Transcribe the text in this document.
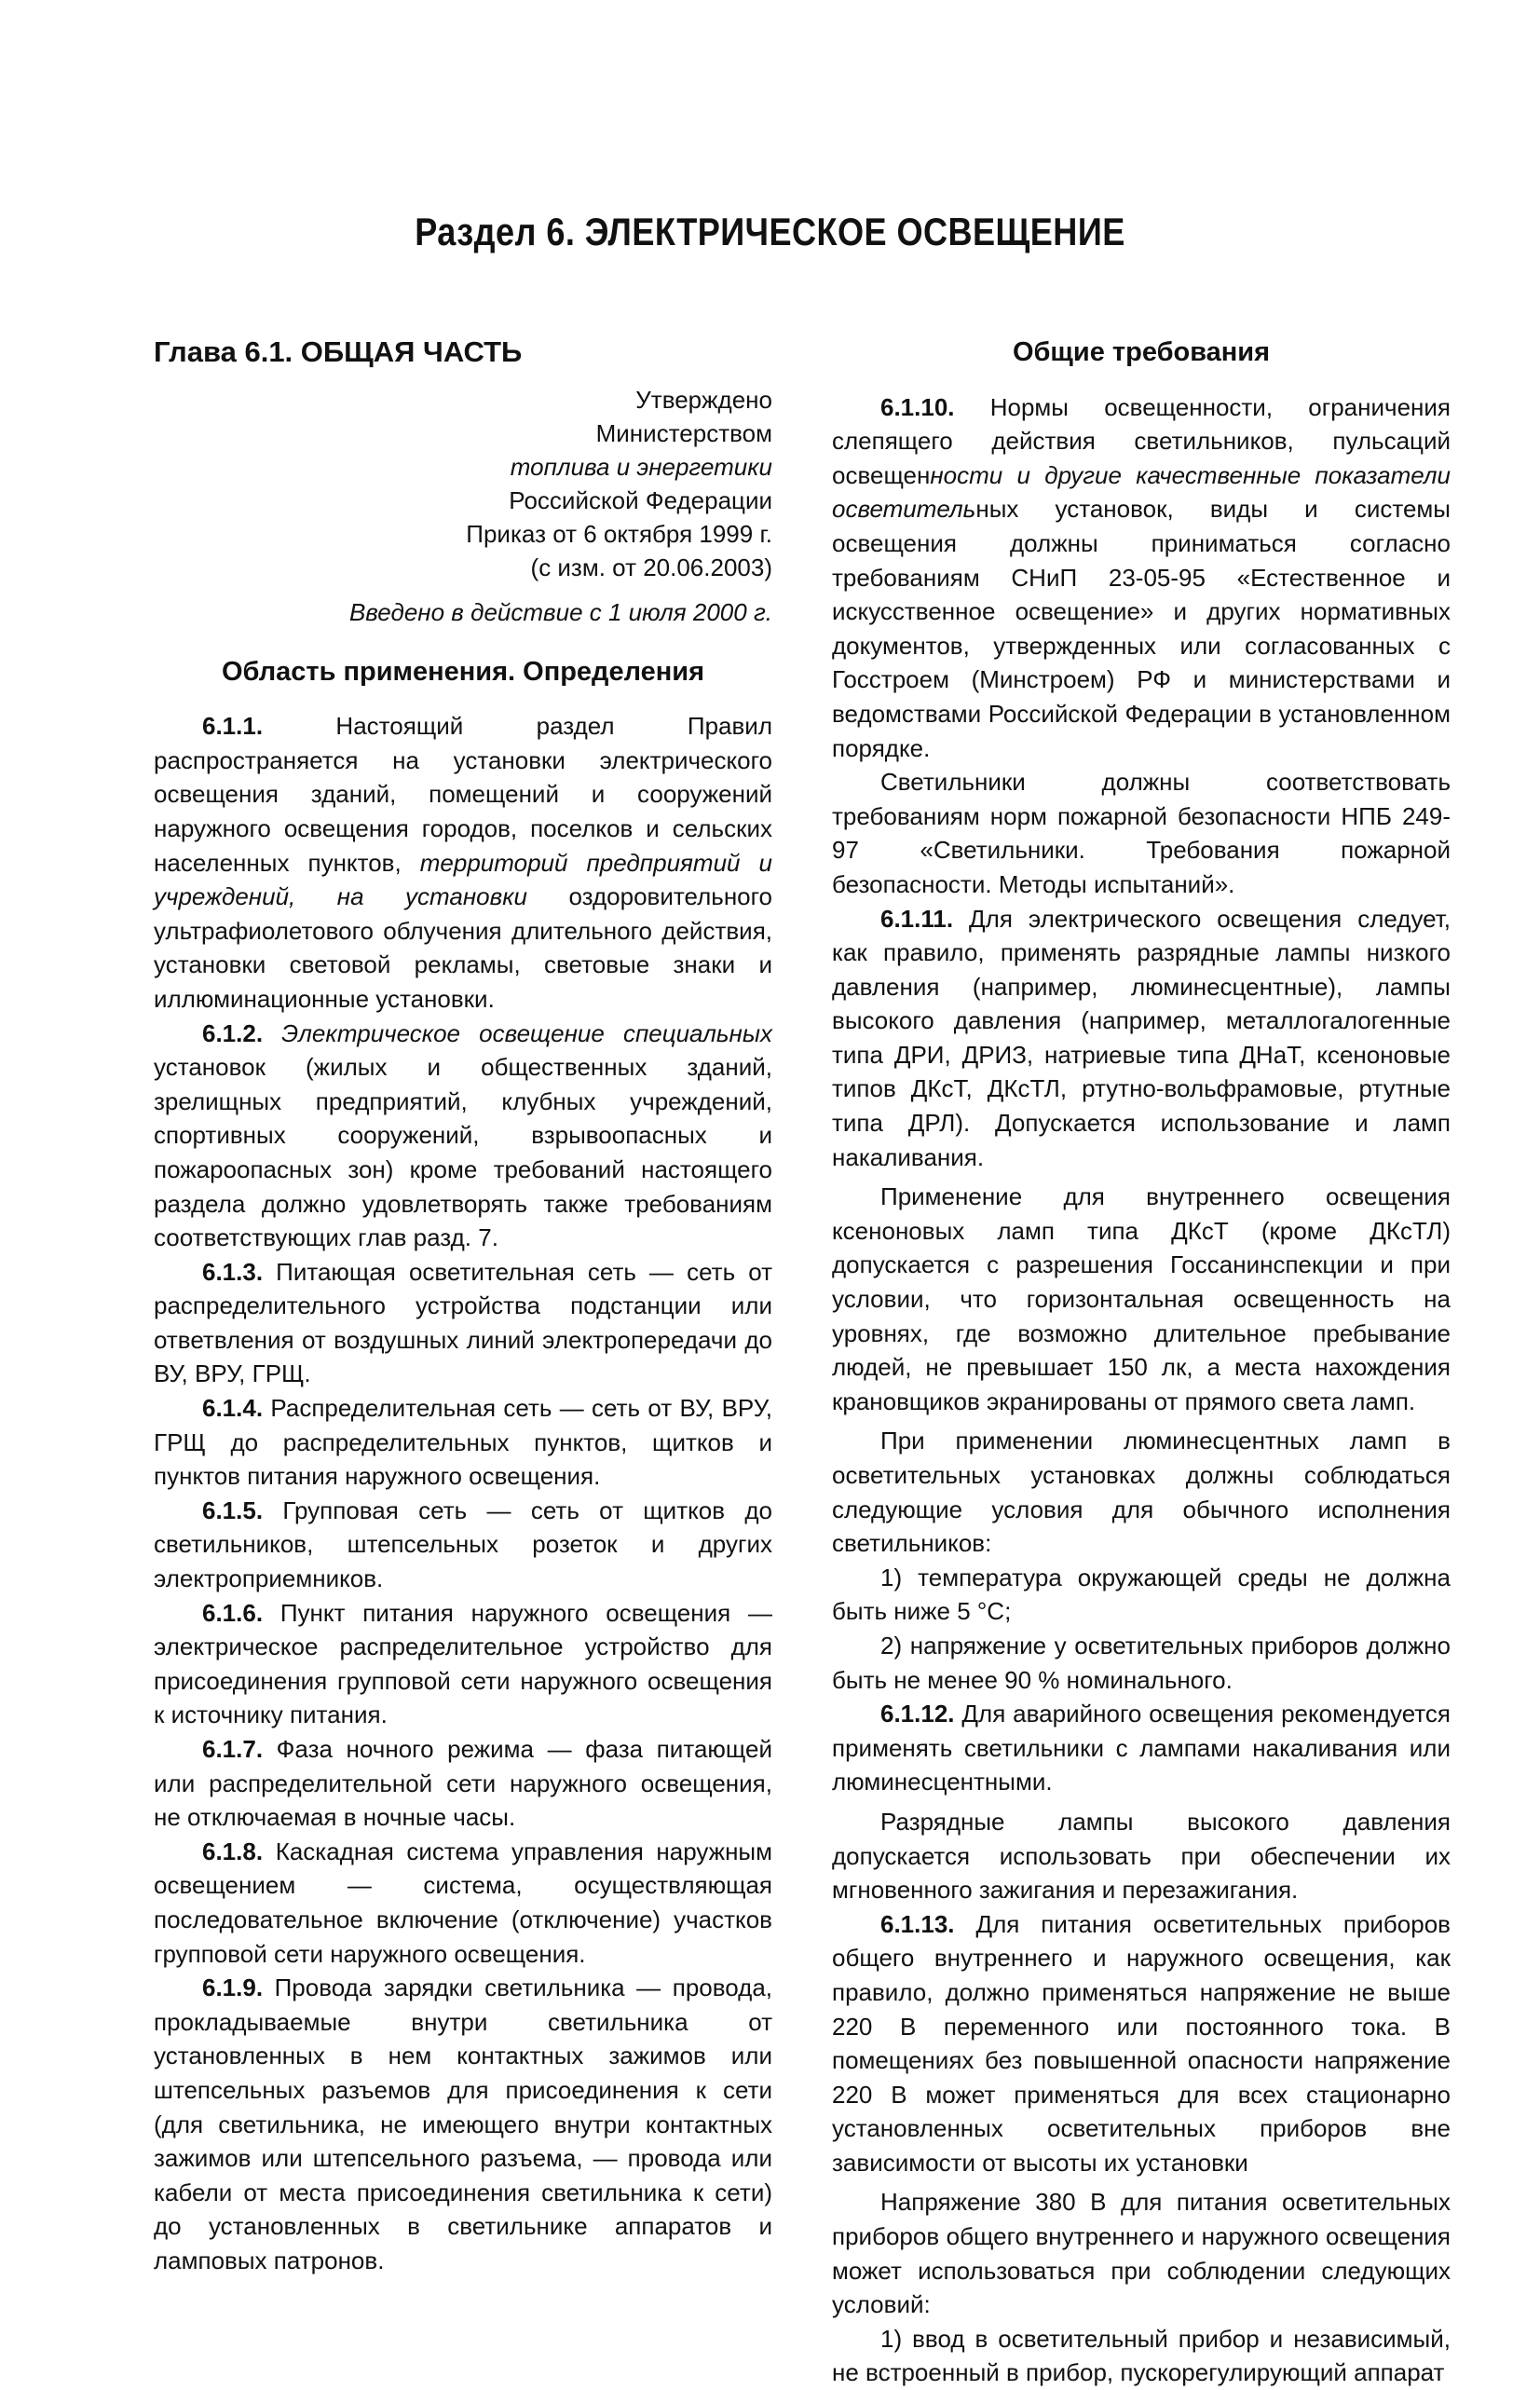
Раздел 6. ЭЛЕКТРИЧЕСКОЕ ОСВЕЩЕНИЕ
Глава 6.1. ОБЩАЯ ЧАСТЬ
Утверждено
Министерством
топлива и энергетики
Российской Федерации
Приказ от 6 октября 1999 г.
(с изм. от 20.06.2003)
Введено в действие с 1 июля 2000 г.
Область применения. Определения

6.1.1. Настоящий раздел Правил распространяется на установки электрического освещения зданий, помещений и сооружений наружного освещения городов, поселков и сельских населенных пунктов, территорий предприятий и учреждений, на установки оздоровительного ультрафиолетового облучения длительного действия, установки световой рекламы, световые знаки и иллюминационные установки.

6.1.2. Электрическое освещение специальных установок (жилых и общественных зданий, зрелищных предприятий, клубных учреждений, спортивных сооружений, взрывоопасных и пожароопасных зон) кроме требований настоящего раздела должно удовлетворять также требованиям соответствующих глав разд. 7.

6.1.3. Питающая осветительная сеть — сеть от распределительного устройства подстанции или ответвления от воздушных линий электропередачи до ВУ, ВРУ, ГРЩ.

6.1.4. Распределительная сеть — сеть от ВУ, ВРУ, ГРЩ до распределительных пунктов, щитков и пунктов питания наружного освещения.

6.1.5. Групповая сеть — сеть от щитков до светильников, штепсельных розеток и других электроприемников.

6.1.6. Пункт питания наружного освещения — электрическое распределительное устройство для присоединения групповой сети наружного освещения к источнику питания.

6.1.7. Фаза ночного режима — фаза питающей или распределительной сети наружного освещения, не отключаемая в ночные часы.

6.1.8. Каскадная система управления наружным освещением — система, осуществляющая последовательное включение (отключение) участков групповой сети наружного освещения.

6.1.9. Провода зарядки светильника — провода, прокладываемые внутри светильника от установленных в нем контактных зажимов или штепсельных разъемов для присоединения к сети (для светильника, не имеющего внутри контактных зажимов или штепсельного разъема, — провода или кабели от места присоединения светильника к сети) до установленных в светильнике аппаратов и ламповых патронов.

Общие требования

6.1.10. Нормы освещенности, ограничения слепящего действия светильников, пульсаций освещенности и другие качественные показатели осветительных установок, виды и системы освещения должны приниматься согласно требованиям СНиП 23-05-95 «Естественное и искусственное освещение» и других нормативных документов, утвержденных или согласованных с Госстроем (Минстроем) РФ и министерствами и ведомствами Российской Федерации в установленном порядке.

Светильники должны соответствовать требованиям норм пожарной безопасности НПБ 249-97 «Светильники. Требования пожарной безопасности. Методы испытаний».

6.1.11. Для электрического освещения следует, как правило, применять разрядные лампы низкого давления (например, люминесцентные), лампы высокого давления (например, металлогалогенные типа ДРИ, ДРИЗ, натриевые типа ДНаТ, ксеноновые типов ДКсТ, ДКсТЛ, ртутно-вольфрамовые, ртутные типа ДРЛ). Допускается использование и ламп накаливания.

Применение для внутреннего освещения ксеноновых ламп типа ДКсТ (кроме ДКсТЛ) допускается с разрешения Госсанинспекции и при условии, что горизонтальная освещенность на уровнях, где возможно длительное пребывание людей, не превышает 150 лк, а места нахождения крановщиков экранированы от прямого света ламп.

При применении люминесцентных ламп в осветительных установках должны соблюдаться следующие условия для обычного исполнения светильников:

1) температура окружающей среды не должна быть ниже 5 °С;

2) напряжение у осветительных приборов должно быть не менее 90 % номинального.

6.1.12. Для аварийного освещения рекомендуется применять светильники с лампами накаливания или люминесцентными.

Разрядные лампы высокого давления допускается использовать при обеспечении их мгновенного зажигания и перезажигания.

6.1.13. Для питания осветительных приборов общего внутреннего и наружного освещения, как правило, должно применяться напряжение не выше 220 В переменного или постоянного тока. В помещениях без повышенной опасности напряжение 220 В может применяться для всех стационарно установленных осветительных приборов вне зависимости от высоты их установки

Напряжение 380 В для питания осветительных приборов общего внутреннего и наружного освещения может использоваться при соблюдении следующих условий:

1) ввод в осветительный прибор и независимый, не встроенный в прибор, пускорегулирующий аппарат
